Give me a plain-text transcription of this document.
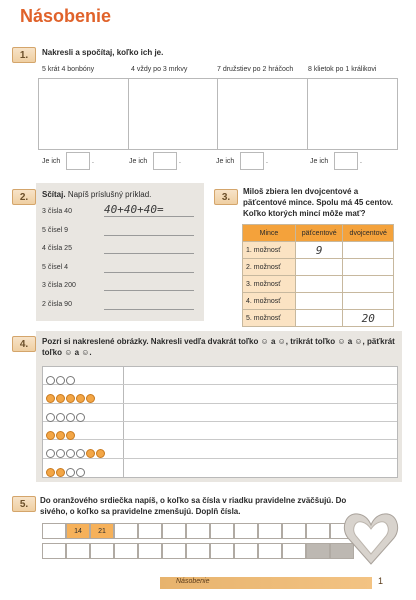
Násobenie
1.	Nakresli a spočítaj, koľko ich je.
5 krát 4 bonbóny	4 vždy po 3 mrkvy	7 družstiev po 2 hráčoch 8 klietok po 1 králikovi
Je ich	.	Je ich	.	Je ich	.	Je ich	.
2. Sčítaj. Napíš príslušný príklad.
3 čísla 40	40+40+40=
5 čísel 9
4 čísla 25
5 čísel 4
3 čísla 200
2 čísla 90
3.	Miloš zbiera len dvojcentové a päťcentové mince. Spolu má 45 centov. Koľko ktorých mincí môže mať?
Mince	päťcentové	dvojcentové
1. možnosť	9	
2. možnosť		
3. možnosť		
4. možnosť		
5. možnosť		20
4.	Pozri si nakreslené obrázky. Nakresli vedľa dvakrát toľko ☺ a ☺, trikrát toľko ☺ a ☺, päťkrát toľko ☺ a ☺.
5.	Do oranžového srdiečka napíš, o koľko sa čísla v riadku pravidelne zväčšujú. Do sivého, o koľko sa pravidelne zmenšujú. Doplň čísla.
14	21
Násobenie	1
